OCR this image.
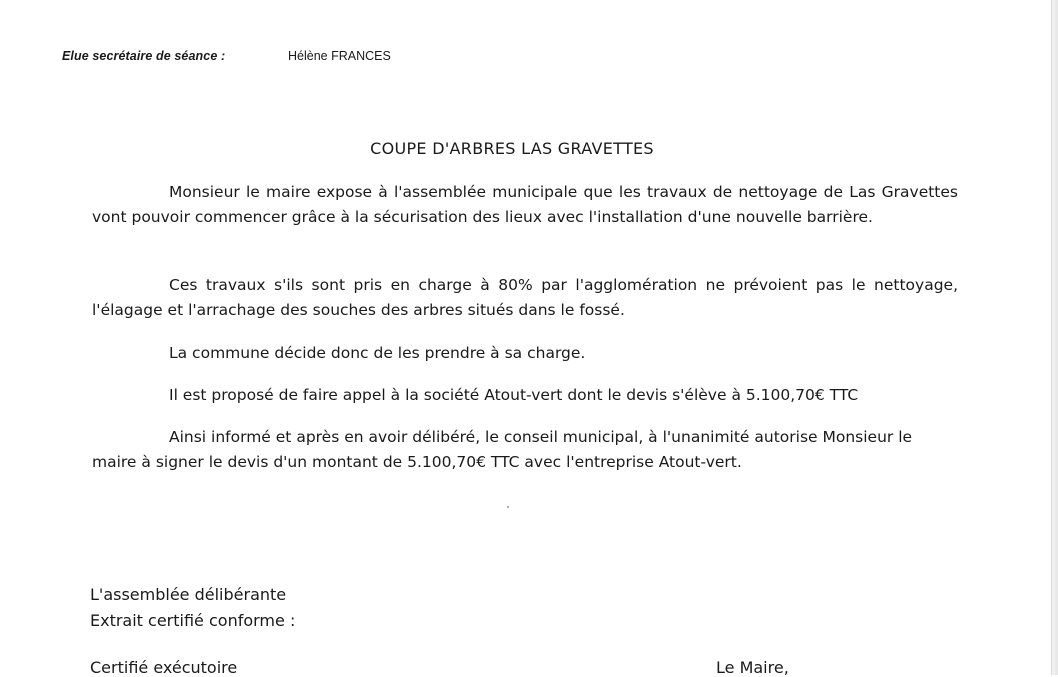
Elue secrétaire de séance :	Hélène FRANCES
COUPE D'ARBRES LAS GRAVETTES
Monsieur le maire expose à l'assemblée municipale que les travaux de nettoyage de Las Gravettes vont pouvoir commencer grâce à la sécurisation des lieux avec l'installation d'une nouvelle barrière.
Ces travaux s'ils sont pris en charge à 80% par l'agglomération ne prévoient pas le nettoyage, l'élagage et l'arrachage des souches des arbres situés dans le fossé.
La commune décide donc de les prendre à sa charge.
Il est proposé de faire appel à la société Atout-vert dont le devis s'élève à 5.100,70€ TTC
Ainsi informé et après en avoir délibéré, le conseil municipal, à l'unanimité autorise Monsieur le maire à signer le devis d'un montant de 5.100,70€ TTC avec l'entreprise Atout-vert.
L'assemblée délibérante
Extrait certifié conforme :
Certifié exécutoire	Le Maire,
